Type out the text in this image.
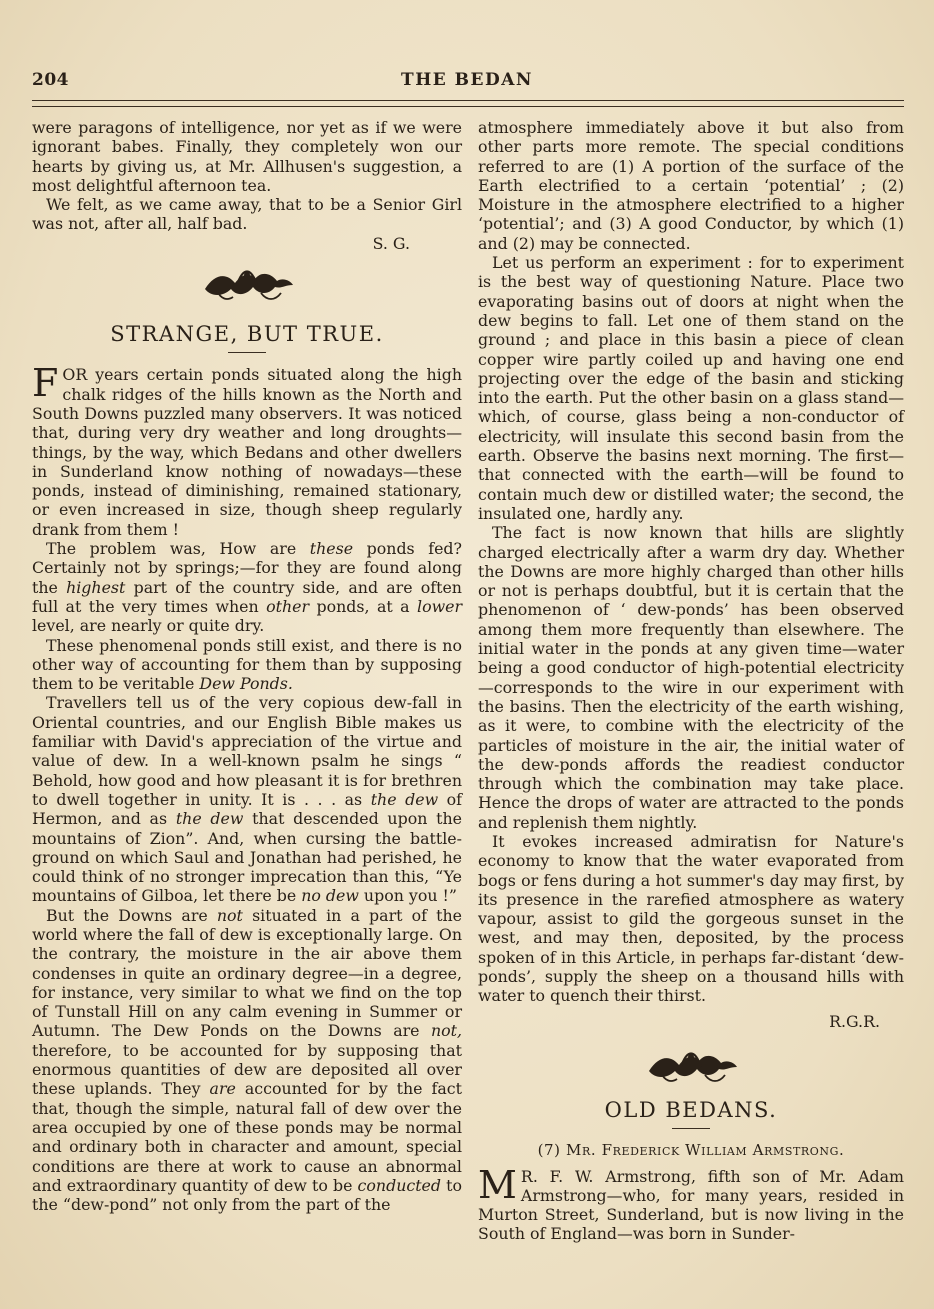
204	THE BEDAN

were paragons of intelligence, nor yet as if we were ignorant babes. Finally, they completely won our hearts by giving us, at Mr. Allhusen's suggestion, a most delightful afternoon tea.

We felt, as we came away, that to be a Senior Girl was not, after all, half bad.

S. G.

STRANGE, BUT TRUE.

FOR years certain ponds situated along the high chalk ridges of the hills known as the North and South Downs puzzled many observers. It was noticed that, during very dry weather and long droughts—things, by the way, which Bedans and other dwellers in Sunderland know nothing of nowadays—these ponds, instead of diminishing, remained stationary, or even increased in size, though sheep regularly drank from them !

The problem was, How are these ponds fed? Certainly not by springs;—for they are found along the highest part of the country side, and are often full at the very times when other ponds, at a lower level, are nearly or quite dry.

These phenomenal ponds still exist, and there is no other way of accounting for them than by supposing them to be veritable Dew Ponds.

Travellers tell us of the very copious dew-fall in Oriental countries, and our English Bible makes us familiar with David's appreciation of the virtue and value of dew. In a well-known psalm he sings “ Behold, how good and how pleasant it is for brethren to dwell together in unity. It is . . . as the dew of Hermon, and as the dew that descended upon the mountains of Zion”. And, when cursing the battle-ground on which Saul and Jonathan had perished, he could think of no stronger imprecation than this, “Ye mountains of Gilboa, let there be no dew upon you !”

But the Downs are not situated in a part of the world where the fall of dew is exceptionally large. On the contrary, the moisture in the air above them condenses in quite an ordinary degree—in a degree, for instance, very similar to what we find on the top of Tunstall Hill on any calm evening in Summer or Autumn. The Dew Ponds on the Downs are not, therefore, to be accounted for by supposing that enormous quantities of dew are deposited all over these uplands. They are accounted for by the fact that, though the simple, natural fall of dew over the area occupied by one of these ponds may be normal and ordinary both in character and amount, special conditions are there at work to cause an abnormal and extraordinary quantity of dew to be conducted to the “dew-pond” not only from the part of the

atmosphere immediately above it but also from other parts more remote. The special conditions referred to are (1) A portion of the surface of the Earth electrified to a certain ‘potential’ ; (2) Moisture in the atmosphere electrified to a higher ‘potential’; and (3) A good Conductor, by which (1) and (2) may be connected.

Let us perform an experiment : for to experiment is the best way of questioning Nature. Place two evaporating basins out of doors at night when the dew begins to fall. Let one of them stand on the ground ; and place in this basin a piece of clean copper wire partly coiled up and having one end projecting over the edge of the basin and sticking into the earth. Put the other basin on a glass stand—which, of course, glass being a non-conductor of electricity, will insulate this second basin from the earth. Observe the basins next morning. The first—that connected with the earth—will be found to contain much dew or distilled water; the second, the insulated one, hardly any.

The fact is now known that hills are slightly charged electrically after a warm dry day. Whether the Downs are more highly charged than other hills or not is perhaps doubtful, but it is certain that the phenomenon of ‘ dew-ponds’ has been observed among them more frequently than elsewhere. The initial water in the ponds at any given time—water being a good conductor of high-potential electricity—corresponds to the wire in our experiment with the basins. Then the electricity of the earth wishing, as it were, to combine with the electricity of the particles of moisture in the air, the initial water of the dew-ponds affords the readiest conductor through which the combination may take place. Hence the drops of water are attracted to the ponds and replenish them nightly.

It evokes increased admiratisn for Nature's economy to know that the water evaporated from bogs or fens during a hot summer's day may first, by its presence in the rarefied atmosphere as watery vapour, assist to gild the gorgeous sunset in the west, and may then, deposited, by the process spoken of in this Article, in perhaps far-distant ‘dew-ponds’, supply the sheep on a thousand hills with water to quench their thirst.

R.G.R.

OLD BEDANS.
(7) Mr. Frederick William Armstrong.

M R. F. W. Armstrong, fifth son of Mr. Adam Armstrong—who, for many years, resided in Murton Street, Sunderland, but is now living in the South of England—was born in Sunder-
